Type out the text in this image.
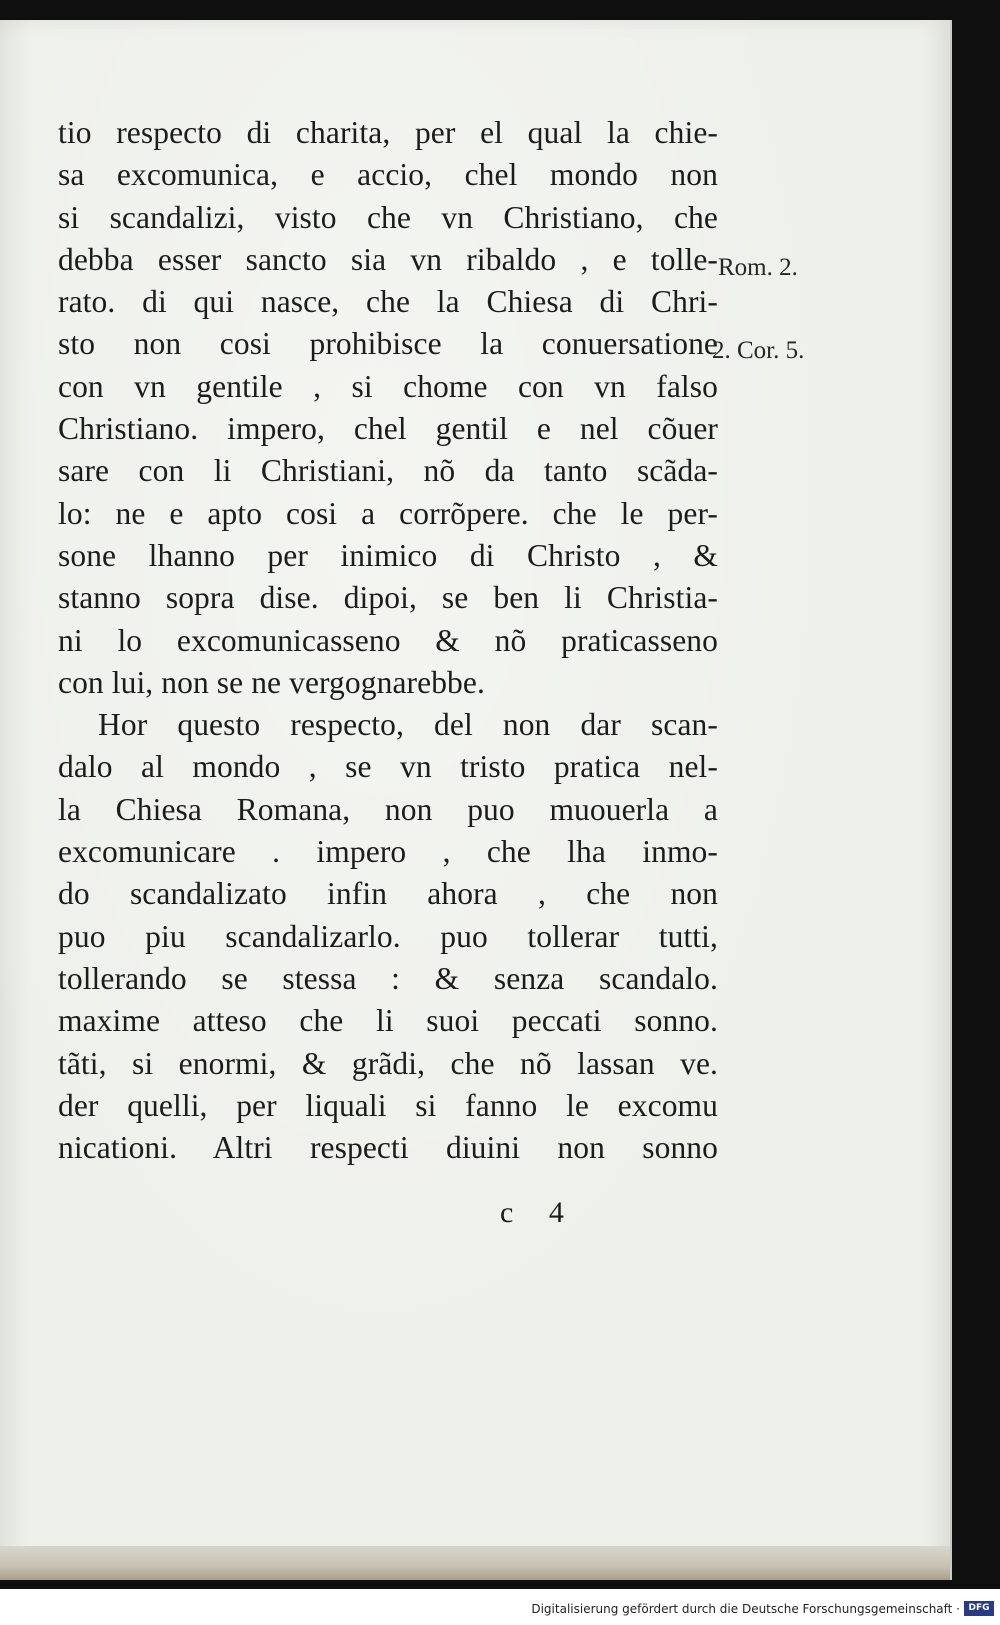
tio respecto di charita, per el qual la chie-
sa excomunica, e accio, chel mondo non
si scandalizi, visto che vn Christiano, che
debba esser sancto sia vn ribaldo , e tolle-
rato. di qui nasce, che la Chiesa di Chri-
sto non cosi prohibisce la conuersatione
con vn gentile , si chome con vn falso
Christiano. impero, chel gentil e nel cõuer
sare con li Christiani, nõ da tanto scãda-
lo: ne e apto cosi a corrõpere. che le per-
sone lhanno per inimico di Christo , &
stanno sopra dise. dipoi, se ben li Christia-
ni lo excomunicasseno & nõ praticasseno
con lui, non se ne vergognarebbe.
Hor questo respecto, del non dar scan-
dalo al mondo , se vn tristo pratica nel-
la Chiesa Romana, non puo muouerla a
excomunicare . impero , che lha inmo-
do scandalizato infin ahora , che non
puo piu scandalizarlo. puo tollerar tutti,
tollerando se stessa : & senza scandalo.
maxime atteso che li suoi peccati sonno.
tãti, si enormi, & grãdi, che nõ lassan ve.
der quelli, per liquali si fanno le excomu
nicationi. Altri respecti diuini non sonno
Rom. 2.
2. Cor. 5.
c 4
Digitalisierung gefördert durch die Deutsche Forschungsgemeinschaft · DFG
